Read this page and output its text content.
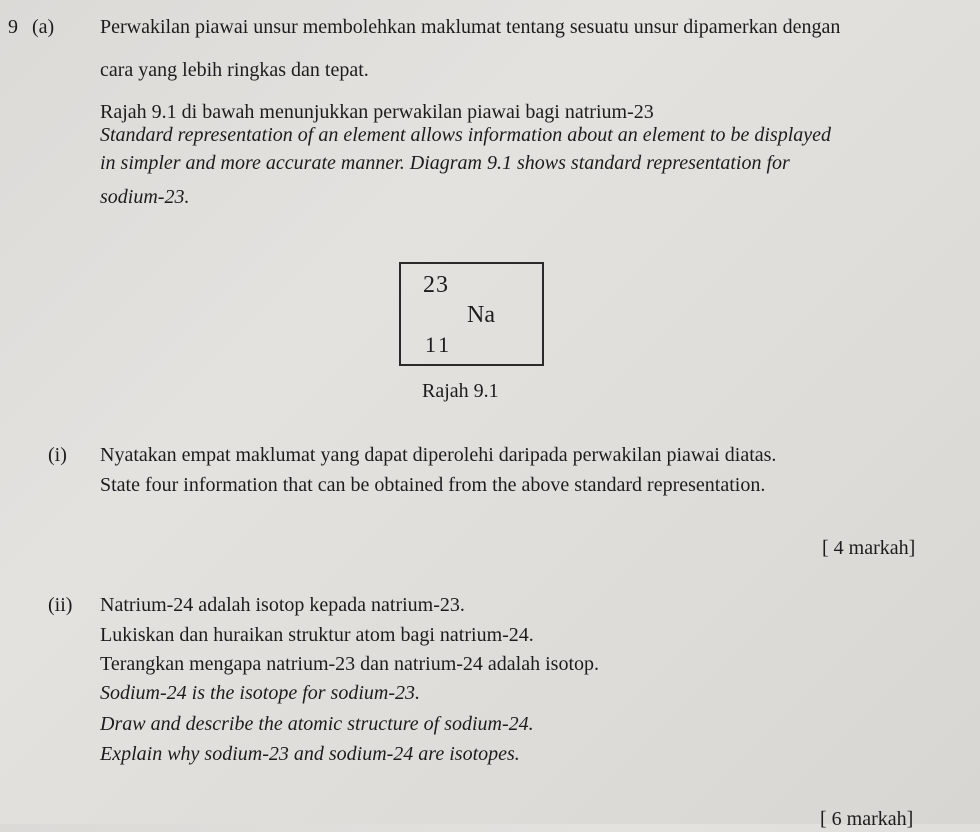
9 (a) Perwakilan piawai unsur membolehkan maklumat tentang sesuatu unsur dipamerkan dengan
cara yang lebih ringkas dan tepat.
Rajah 9.1 di bawah menunjukkan perwakilan piawai bagi natrium-23
Standard representation of an element allows information about an element to be displayed
in simpler and more accurate manner. Diagram 9.1 shows standard representation for
sodium-23.
23
Na
11
Rajah 9.1
(i) Nyatakan empat maklumat yang dapat diperolehi daripada perwakilan piawai diatas.
State four information that can be obtained from the above standard representation.
[ 4 markah]
(ii) Natrium-24 adalah isotop kepada natrium-23.
Lukiskan dan huraikan struktur atom bagi natrium-24.
Terangkan mengapa natrium-23 dan natrium-24 adalah isotop.
Sodium-24 is the isotope for sodium-23.
Draw and describe the atomic structure of sodium-24.
Explain why sodium-23 and sodium-24 are isotopes.
[ 6 markah]
